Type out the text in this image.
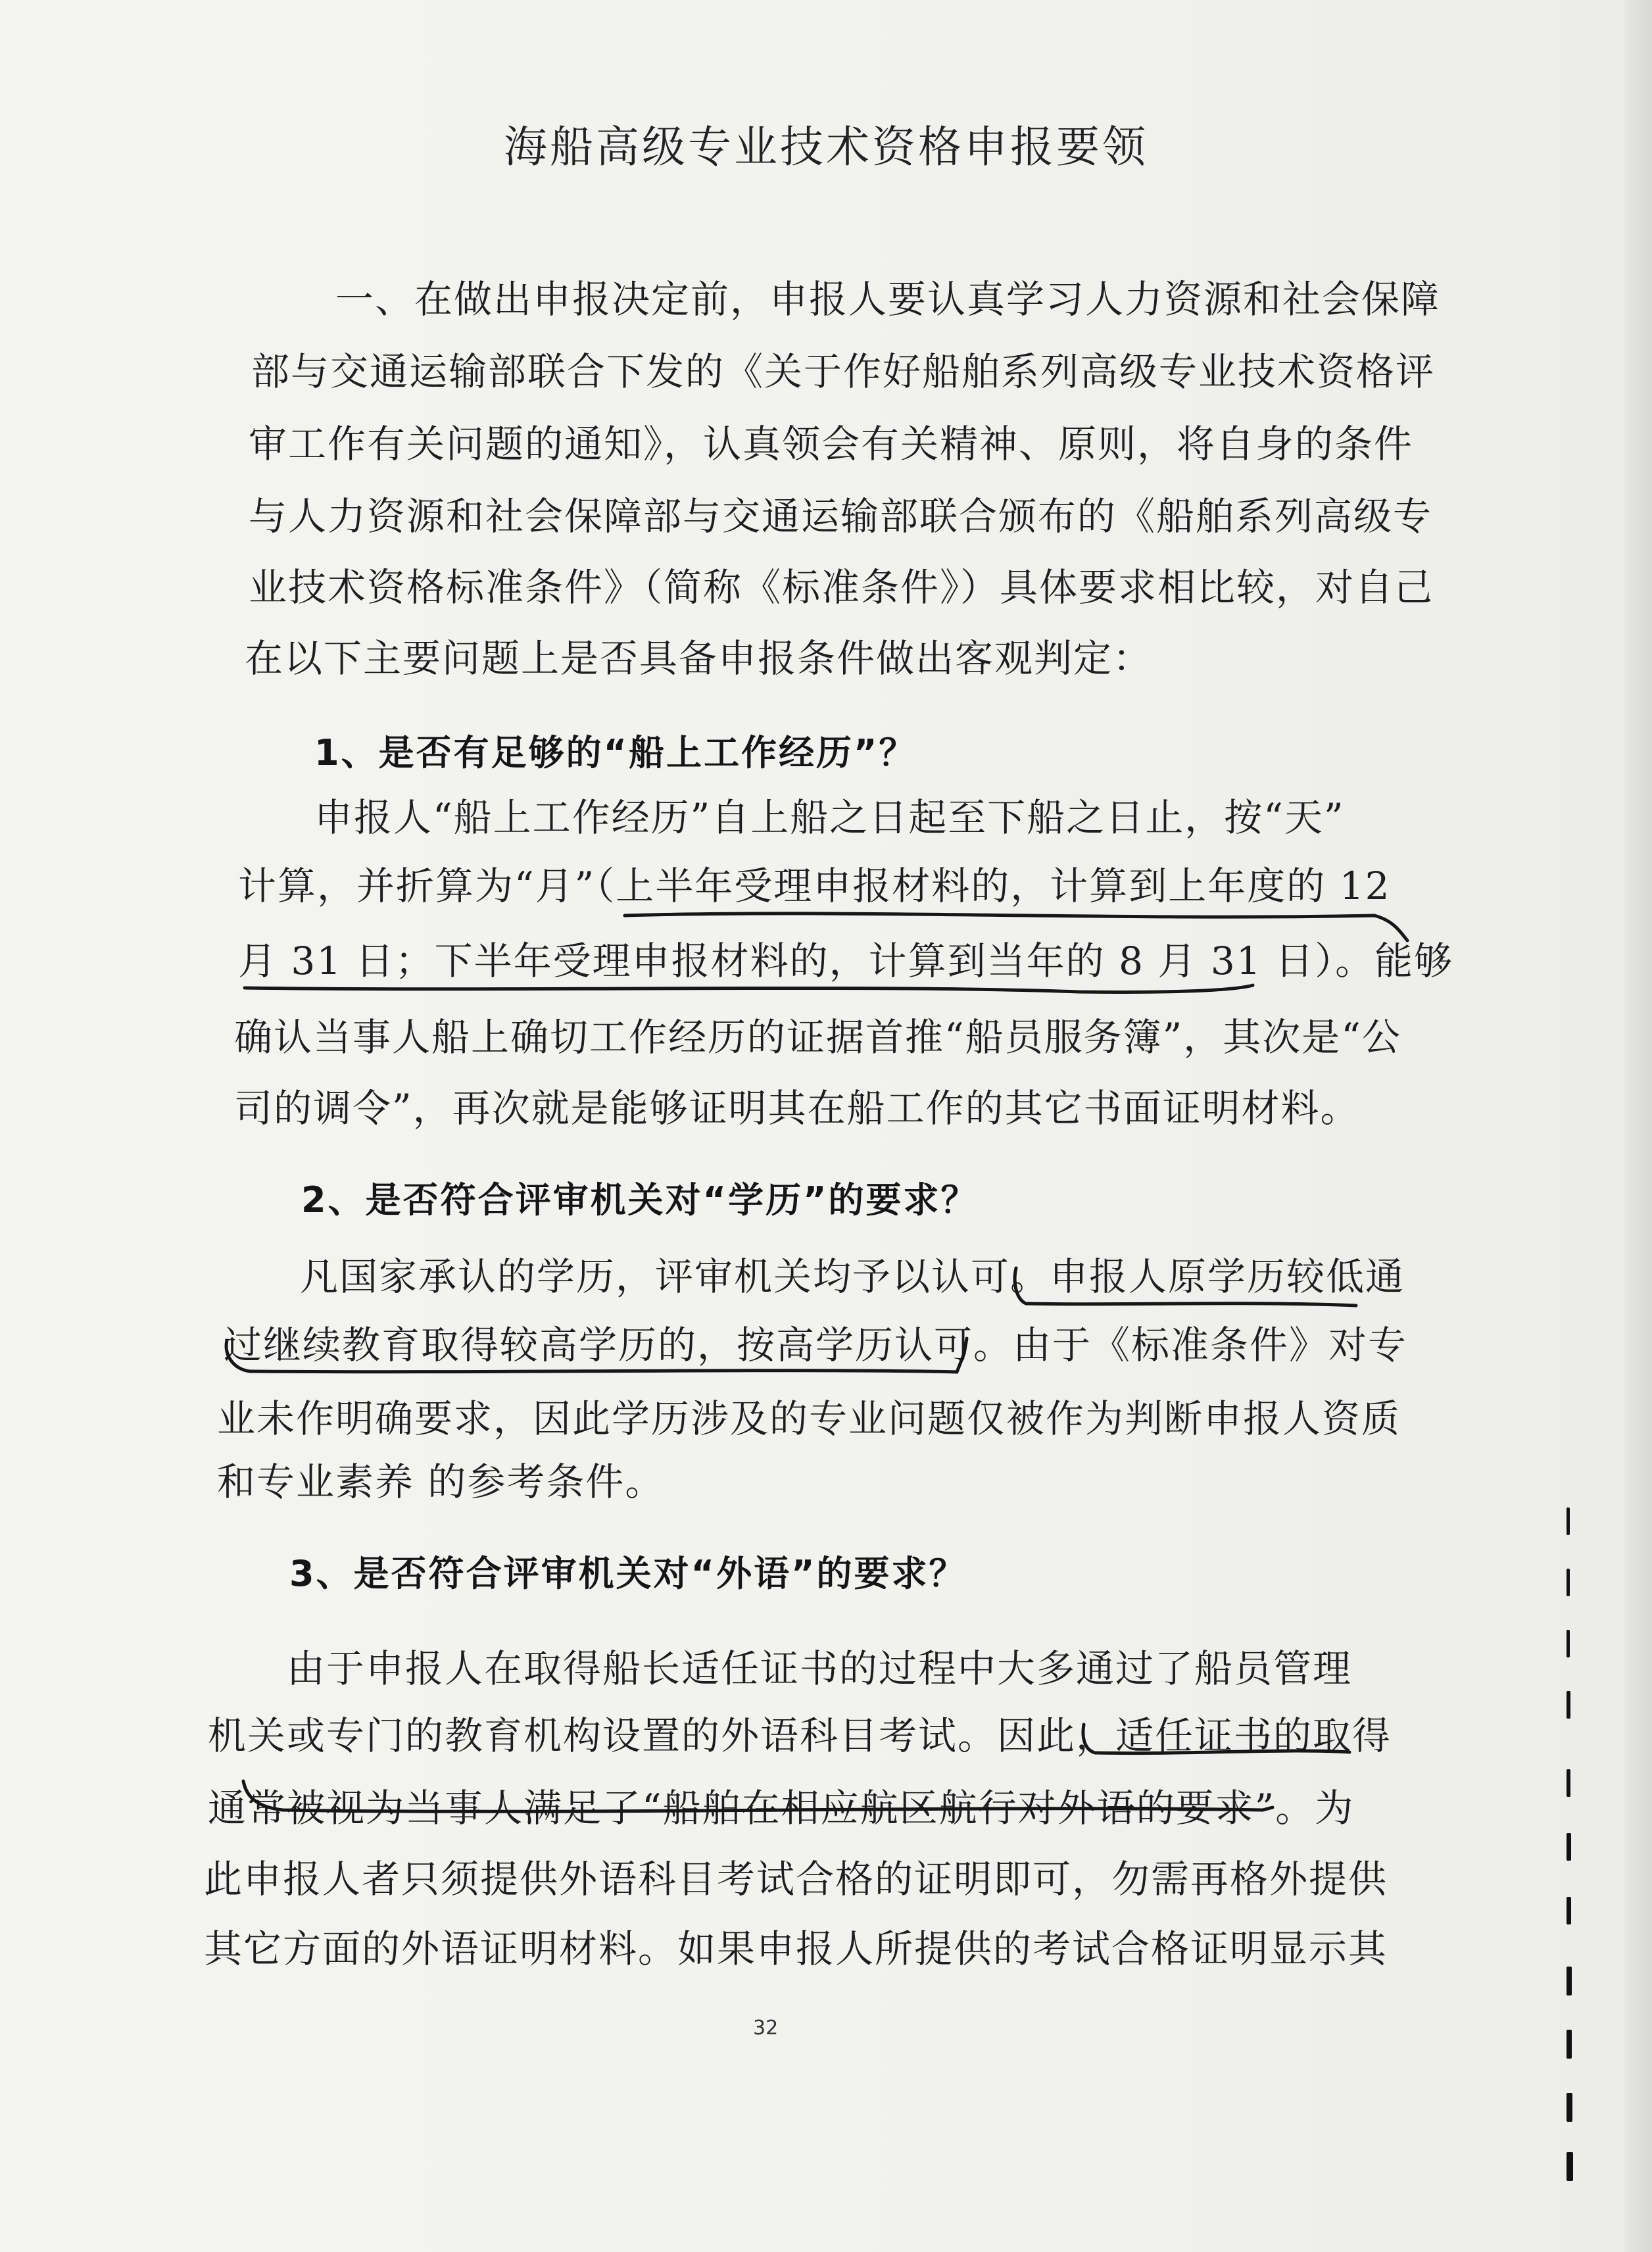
海船高级专业技术资格申报要领
一、在做出申报决定前，申报人要认真学习人力资源和社会保障
部与交通运输部联合下发的《关于作好船舶系列高级专业技术资格评
审工作有关问题的通知》，认真领会有关精神、原则，将自身的条件
与人力资源和社会保障部与交通运输部联合颁布的《船舶系列高级专
业技术资格标准条件》（简称《标准条件》）具体要求相比较，对自己
在以下主要问题上是否具备申报条件做出客观判定：
1、是否有足够的“船上工作经历”？
申报人“船上工作经历”自上船之日起至下船之日止，按“天”
计算，并折算为“月”（上半年受理申报材料的，计算到上年度的 12
月 31 日；下半年受理申报材料的，计算到当年的 8 月 31 日）。能够
确认当事人船上确切工作经历的证据首推“船员服务簿”，其次是“公
司的调令”，再次就是能够证明其在船工作的其它书面证明材料。
2、是否符合评审机关对“学历”的要求？
凡国家承认的学历，评审机关均予以认可。申报人原学历较低通
过继续教育取得较高学历的，按高学历认可。由于《标准条件》对专
业未作明确要求，因此学历涉及的专业问题仅被作为判断申报人资质
和专业素养 的参考条件。
3、是否符合评审机关对“外语”的要求？
由于申报人在取得船长适任证书的过程中大多通过了船员管理
机关或专门的教育机构设置的外语科目考试。因此，适任证书的取得
通常被视为当事人满足了“船舶在相应航区航行对外语的要求”。为
此申报人者只须提供外语科目考试合格的证明即可，勿需再格外提供
其它方面的外语证明材料。如果申报人所提供的考试合格证明显示其
32
